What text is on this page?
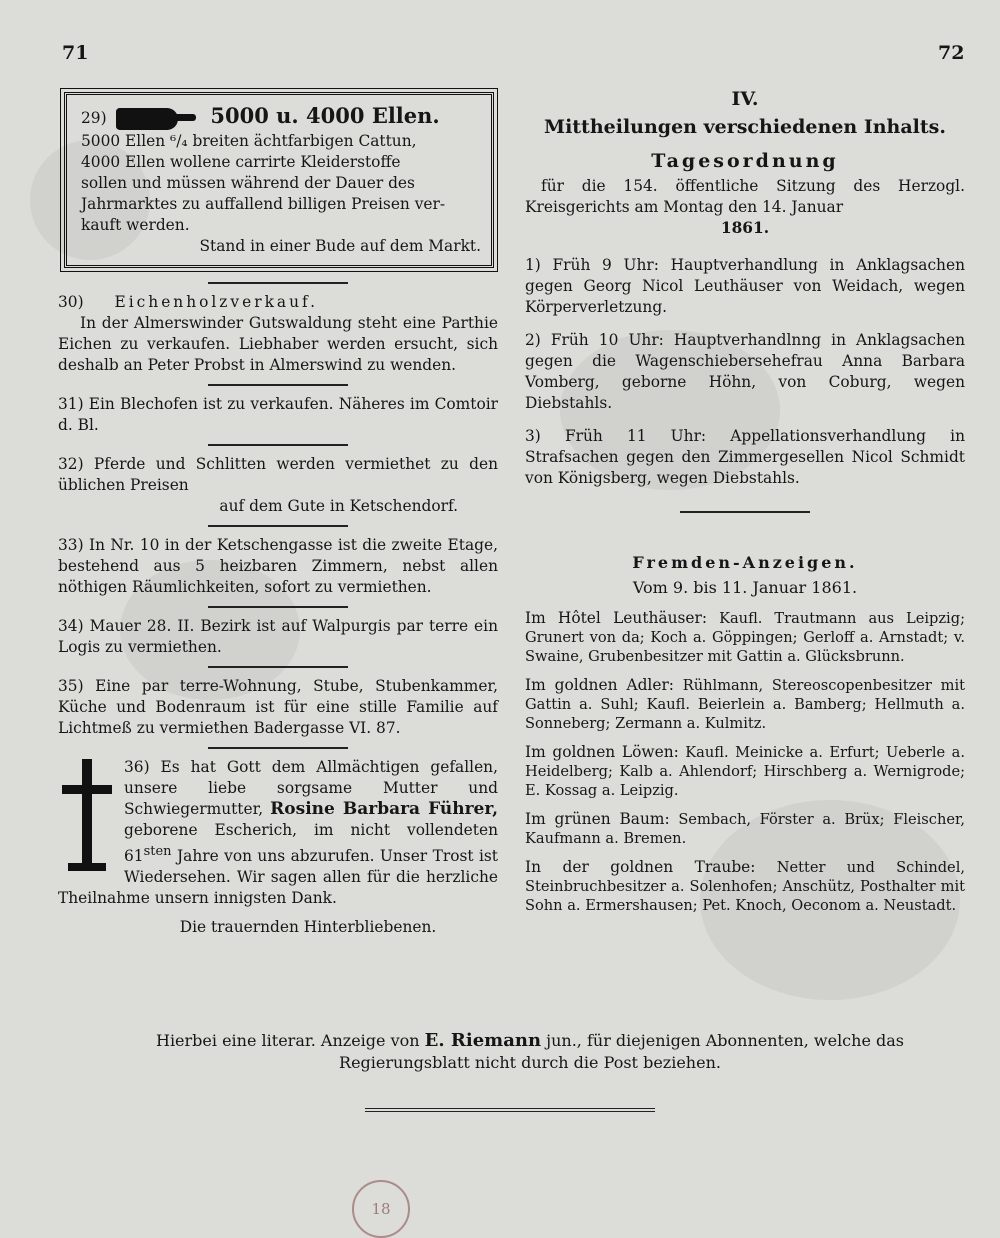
71	72
29)	5000 u. 4000 Ellen.
5000 Ellen ⁶/₄ breiten ächtfarbigen Cattun,
4000 Ellen wollene carrirte Kleiderstoffe
sollen und müssen während der Dauer des
Jahrmarktes zu auffallend billigen Preisen ver-
kauft werden.
Stand in einer Bude auf dem Markt.
30) Eichenholzverkauf.
In der Almerswinder Gutswaldung steht eine Parthie Eichen zu verkaufen. Liebhaber werden ersucht, sich deshalb an Peter Probst in Almerswind zu wenden.
31) Ein Blechofen ist zu verkaufen. Näheres im Comtoir d. Bl.
32) Pferde und Schlitten werden vermiethet zu den üblichen Preisen
auf dem Gute in Ketschendorf.
33) In Nr. 10 in der Ketschengasse ist die zweite Etage, bestehend aus 5 heizbaren Zimmern, nebst allen nöthigen Räumlichkeiten, sofort zu vermiethen.
34) Mauer 28. II. Bezirk ist auf Walpurgis par terre ein Logis zu vermiethen.
35) Eine par terre-Wohnung, Stube, Stubenkammer, Küche und Bodenraum ist für eine stille Familie auf Lichtmeß zu vermiethen Badergasse VI. 87.
36) Es hat Gott dem Allmächtigen gefallen, unsere liebe sorgsame Mutter und Schwiegermutter, Rosine Barbara Führer, geborene Escherich, im nicht vollendeten $61^{sten}$ Jahre von uns abzurufen. Unser Trost ist Wiedersehen. Wir sagen allen für die herzliche Theilnahme unsern innigsten Dank.
Die trauernden Hinterbliebenen.
IV.
Mittheilungen verschiedenen Inhalts.
Tagesordnung
für die 154. öffentliche Sitzung des Herzogl. Kreisgerichts am Montag den 14. Januar
1861.
1) Früh 9 Uhr: Hauptverhandlung in Anklagsachen gegen Georg Nicol Leuthäuser von Weidach, wegen Körperverletzung.
2) Früh 10 Uhr: Hauptverhandlnng in Anklagsachen gegen die Wagenschiebersehefrau Anna Barbara Vomberg, geborne Höhn, von Coburg, wegen Diebstahls.
3) Früh 11 Uhr: Appellationsverhandlung in Strafsachen gegen den Zimmergesellen Nicol Schmidt von Königsberg, wegen Diebstahls.
Fremden-Anzeigen.
Vom 9. bis 11. Januar 1861.
Im Hôtel Leuthäuser: Kaufl. Trautmann aus Leipzig; Grunert von da; Koch a. Göppingen; Gerloff a. Arnstadt; v. Swaine, Grubenbesitzer mit Gattin a. Glücksbrunn.
Im goldnen Adler: Rühlmann, Stereoscopenbesitzer mit Gattin a. Suhl; Kaufl. Beierlein a. Bamberg; Hellmuth a. Sonneberg; Zermann a. Kulmitz.
Im goldnen Löwen: Kaufl. Meinicke a. Erfurt; Ueberle a. Heidelberg; Kalb a. Ahlendorf; Hirschberg a. Wernigrode; E. Kossag a. Leipzig.
Im grünen Baum: Sembach, Förster a. Brüx; Fleischer, Kaufmann a. Bremen.
In der goldnen Traube: Netter und Schindel, Steinbruchbesitzer a. Solenhofen; Anschütz, Posthalter mit Sohn a. Ermershausen; Pet. Knoch, Oeconom a. Neustadt.
Hierbei eine literar. Anzeige von E. Riemann jun., für diejenigen Abonnenten, welche das Regierungsblatt nicht durch die Post beziehen.
18
